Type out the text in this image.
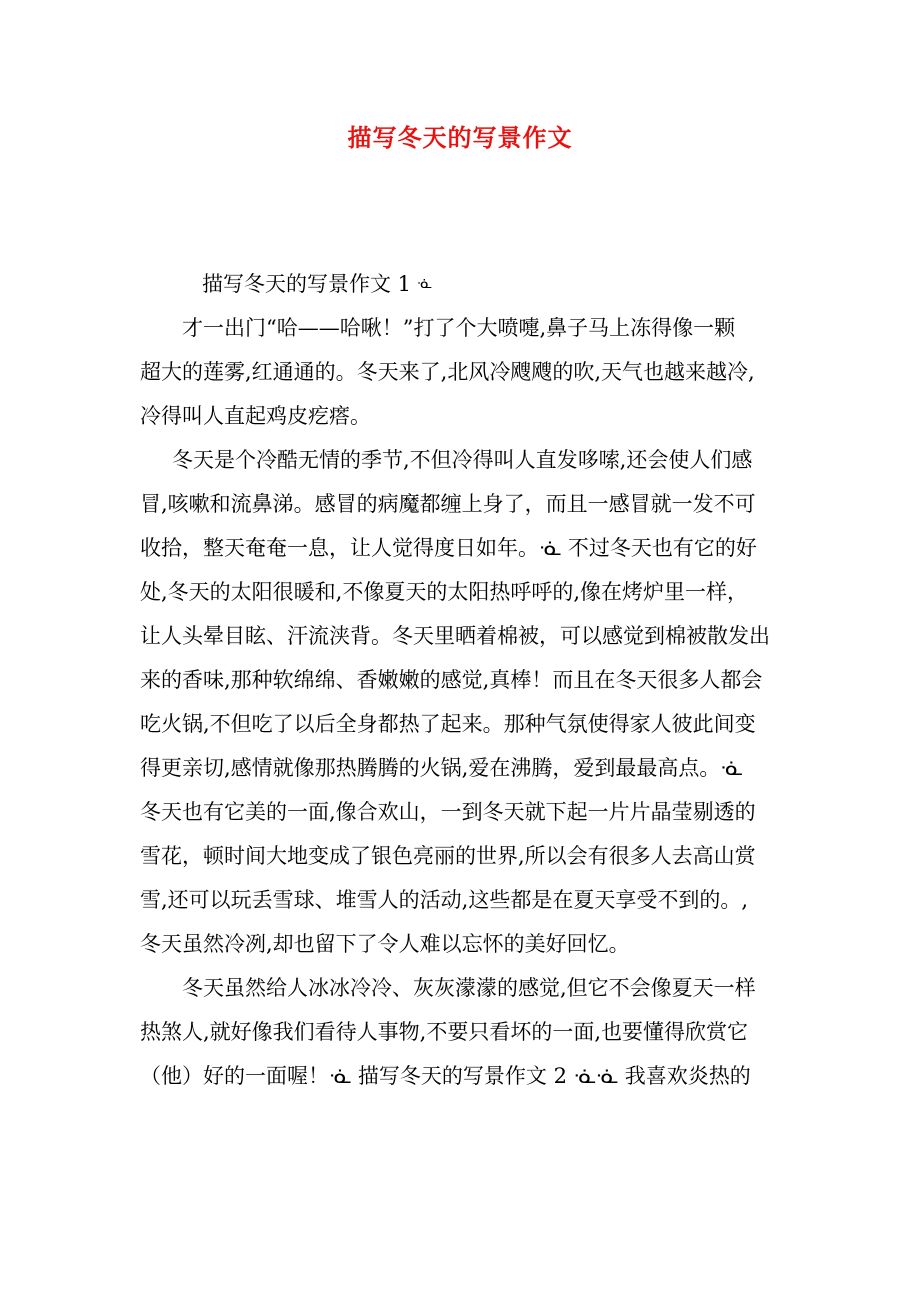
描写冬天的写景作文
描写冬天的写景作文 1 ᓍ
才一出门“哈——哈啾！”打了个大喷嚏,鼻子马上冻得像一颗
超大的莲雾,红通通的。冬天来了,北风冷飕飕的吹,天气也越来越冷,
冷得叫人直起鸡皮疙瘩。
冬天是个冷酷无情的季节,不但冷得叫人直发哆嗦,还会使人们感
冒,咳嗽和流鼻涕。感冒的病魔都缠上身了，而且一感冒就一发不可
收拾，整天奄奄一息，让人觉得度日如年。ᓍ 不过冬天也有它的好
处,冬天的太阳很暖和,不像夏天的太阳热呼呼的,像在烤炉里一样，
让人头晕目眩、汗流浃背。冬天里晒着棉被，可以感觉到棉被散发出
来的香味,那种软绵绵、香嫩嫩的感觉,真棒！而且在冬天很多人都会
吃火锅,不但吃了以后全身都热了起来。那种气氛使得家人彼此间变
得更亲切,感情就像那热腾腾的火锅,爱在沸腾，爱到最最高点。ᓍ
冬天也有它美的一面,像合欢山，一到冬天就下起一片片晶莹剔透的
雪花，顿时间大地变成了银色亮丽的世界,所以会有很多人去高山赏
雪,还可以玩丢雪球、堆雪人的活动,这些都是在夏天享受不到的。,
冬天虽然冷冽,却也留下了令人难以忘怀的美好回忆。
冬天虽然给人冰冰冷冷、灰灰濛濛的感觉,但它不会像夏天一样
热煞人,就好像我们看待人事物,不要只看坏的一面,也要懂得欣赏它
（他）好的一面喔！ᓍ 描写冬天的写景作文 2 ᓍᓍ 我喜欢炎热的
